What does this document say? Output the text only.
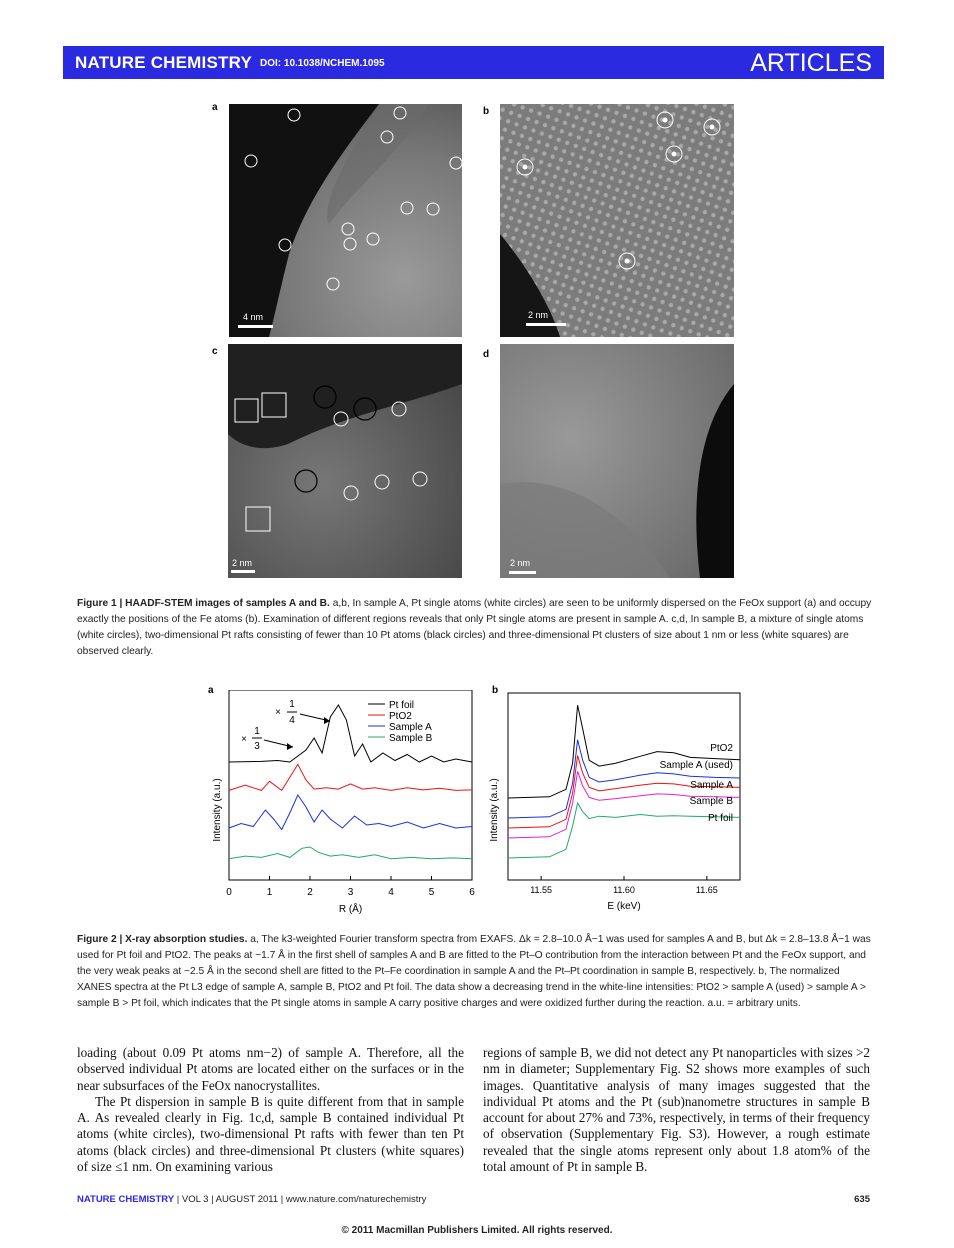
NATURE CHEMISTRY DOI: 10.1038/NCHEM.1095	ARTICLES
a	b
c	d
4 nm	2 nm
2 nm	2 nm
Figure 1 | HAADF-STEM images of samples A and B. a,b, In sample A, Pt single atoms (white circles) are seen to be uniformly dispersed on the FeOx support (a) and occupy exactly the positions of the Fe atoms (b). Examination of different regions reveals that only Pt single atoms are present in sample A. c,d, In sample B, a mixture of single atoms (white circles), two-dimensional Pt rafts consisting of fewer than 10 Pt atoms (black circles) and three-dimensional Pt clusters of size about 1 nm or less (white squares) are observed clearly.
a	b
Intensity (a.u.)
0	1	2	3	4	5	6
Pt foil
PtO2
Sample A
Sample B
R (Å)
×
1
4
×
1
3
Intensity (a.u.)
11.55	11.60	11.65
PtO2
Sample A (used)
Sample A
Sample B
Pt foil
E (keV)
Figure 2 | X-ray absorption studies. a, The k3-weighted Fourier transform spectra from EXAFS. Δk = 2.8–10.0 Å−1 was used for samples A and B, but Δk = 2.8–13.8 Å−1 was used for Pt foil and PtO2. The peaks at ~1.7 Å in the first shell of samples A and B are fitted to the Pt–O contribution from the interaction between Pt and the FeOx support, and the very weak peaks at ~2.5 Å in the second shell are fitted to the Pt–Fe coordination in sample A and the Pt–Pt coordination in sample B, respectively. b, The normalized XANES spectra at the Pt L3 edge of sample A, sample B, PtO2 and Pt foil. The data show a decreasing trend in the white-line intensities: PtO2 > sample A (used) > sample A > sample B > Pt foil, which indicates that the Pt single atoms in sample A carry positive charges and were oxidized further during the reaction. a.u. = arbitrary units.

loading (about 0.09 Pt atoms nm−2) of sample A. Therefore, all the observed individual Pt atoms are located either on the surfaces or in the near subsurfaces of the FeOx nanocrystallites.

The Pt dispersion in sample B is quite different from that in sample A. As revealed clearly in Fig. 1c,d, sample B contained individual Pt atoms (white circles), two-dimensional Pt rafts with fewer than ten Pt atoms (black circles) and three-dimensional Pt clusters (white squares) of size ≤1 nm. On examining various

regions of sample B, we did not detect any Pt nanoparticles with sizes >2 nm in diameter; Supplementary Fig. S2 shows more examples of such images. Quantitative analysis of many images suggested that the individual Pt atoms and the Pt (sub)nanometre structures in sample B account for about 27% and 73%, respectively, in terms of their frequency of observation (Supplementary Fig. S3). However, a rough estimate revealed that the single atoms represent only about 1.8 atom% of the total amount of Pt in sample B.

NATURE CHEMISTRY | VOL 3 | AUGUST 2011 | www.nature.com/naturechemistry	635
© 2011 Macmillan Publishers Limited. All rights reserved.
